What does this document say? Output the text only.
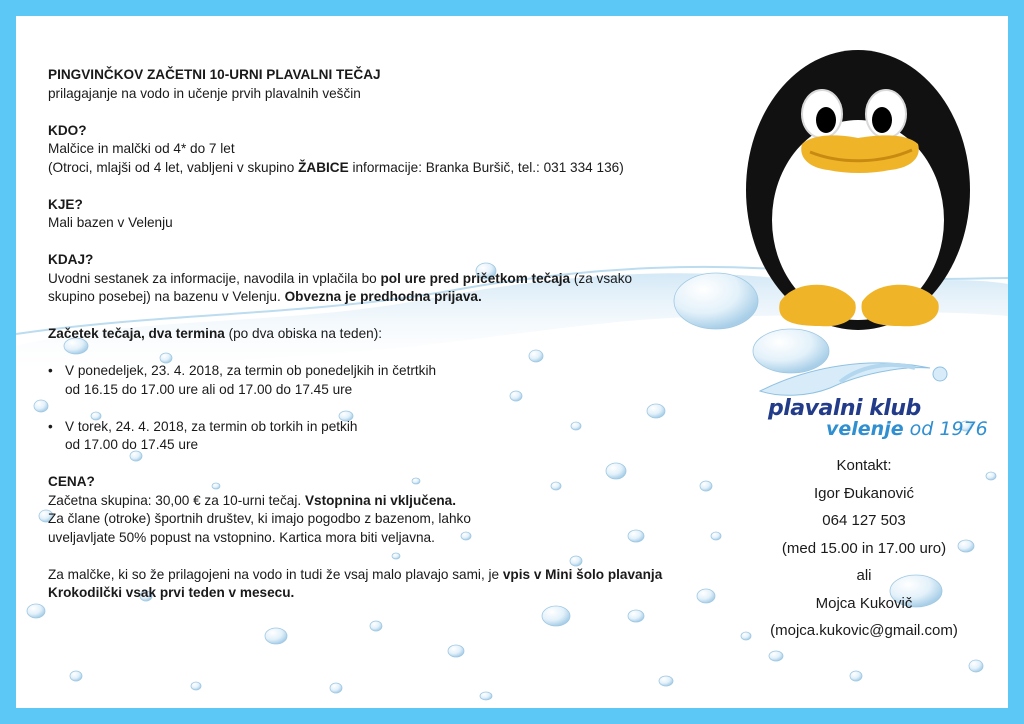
PINGVINČKOV ZAČETNI 10-URNI PLAVALNI TEČAJ

prilagajanje na vodo in učenje prvih plavalnih veščin

KDO?

Malčice in malčki od 4* do 7 let

(Otroci, mlajši od 4 let, vabljeni v skupino ŽABICE informacije: Branka Buršič, tel.: 031 334 136)

KJE?

Mali bazen v Velenju

KDAJ?

Uvodni sestanek za informacije, navodila in vplačila bo pol ure pred pričetkom tečaja (za vsako skupino posebej) na bazenu v Velenju. Obvezna je predhodna prijava.

Začetek tečaja, dva termina (po dva obiska na teden):

• V ponedeljek, 23. 4. 2018, za termin ob ponedeljkih in četrtkih
od 16.15 do 17.00 ure ali od 17.00 do 17.45 ure
• V torek, 24. 4. 2018, za termin ob torkih in petkih
od 17.00 do 17.45 ure

CENA?

Začetna skupina: 30,00 € za 10-urni tečaj. Vstopnina ni vključena.

Za člane (otroke) športnih društev, ki imajo pogodbo z bazenom, lahko uveljavljate 50% popust na vstopnino. Kartica mora biti veljavna.

Za malčke, ki so že prilagojeni na vodo in tudi že vsaj malo plavajo sami, je vpis v Mini šolo plavanja Krokodilčki vsak prvi teden v mesecu.

plavalni klub
velenje od 1976
Kontakt:
Igor Đukanović
064 127 503
(med 15.00 in 17.00 uro)
ali
Mojca Kukovič
(mojca.kukovic@gmail.com)
